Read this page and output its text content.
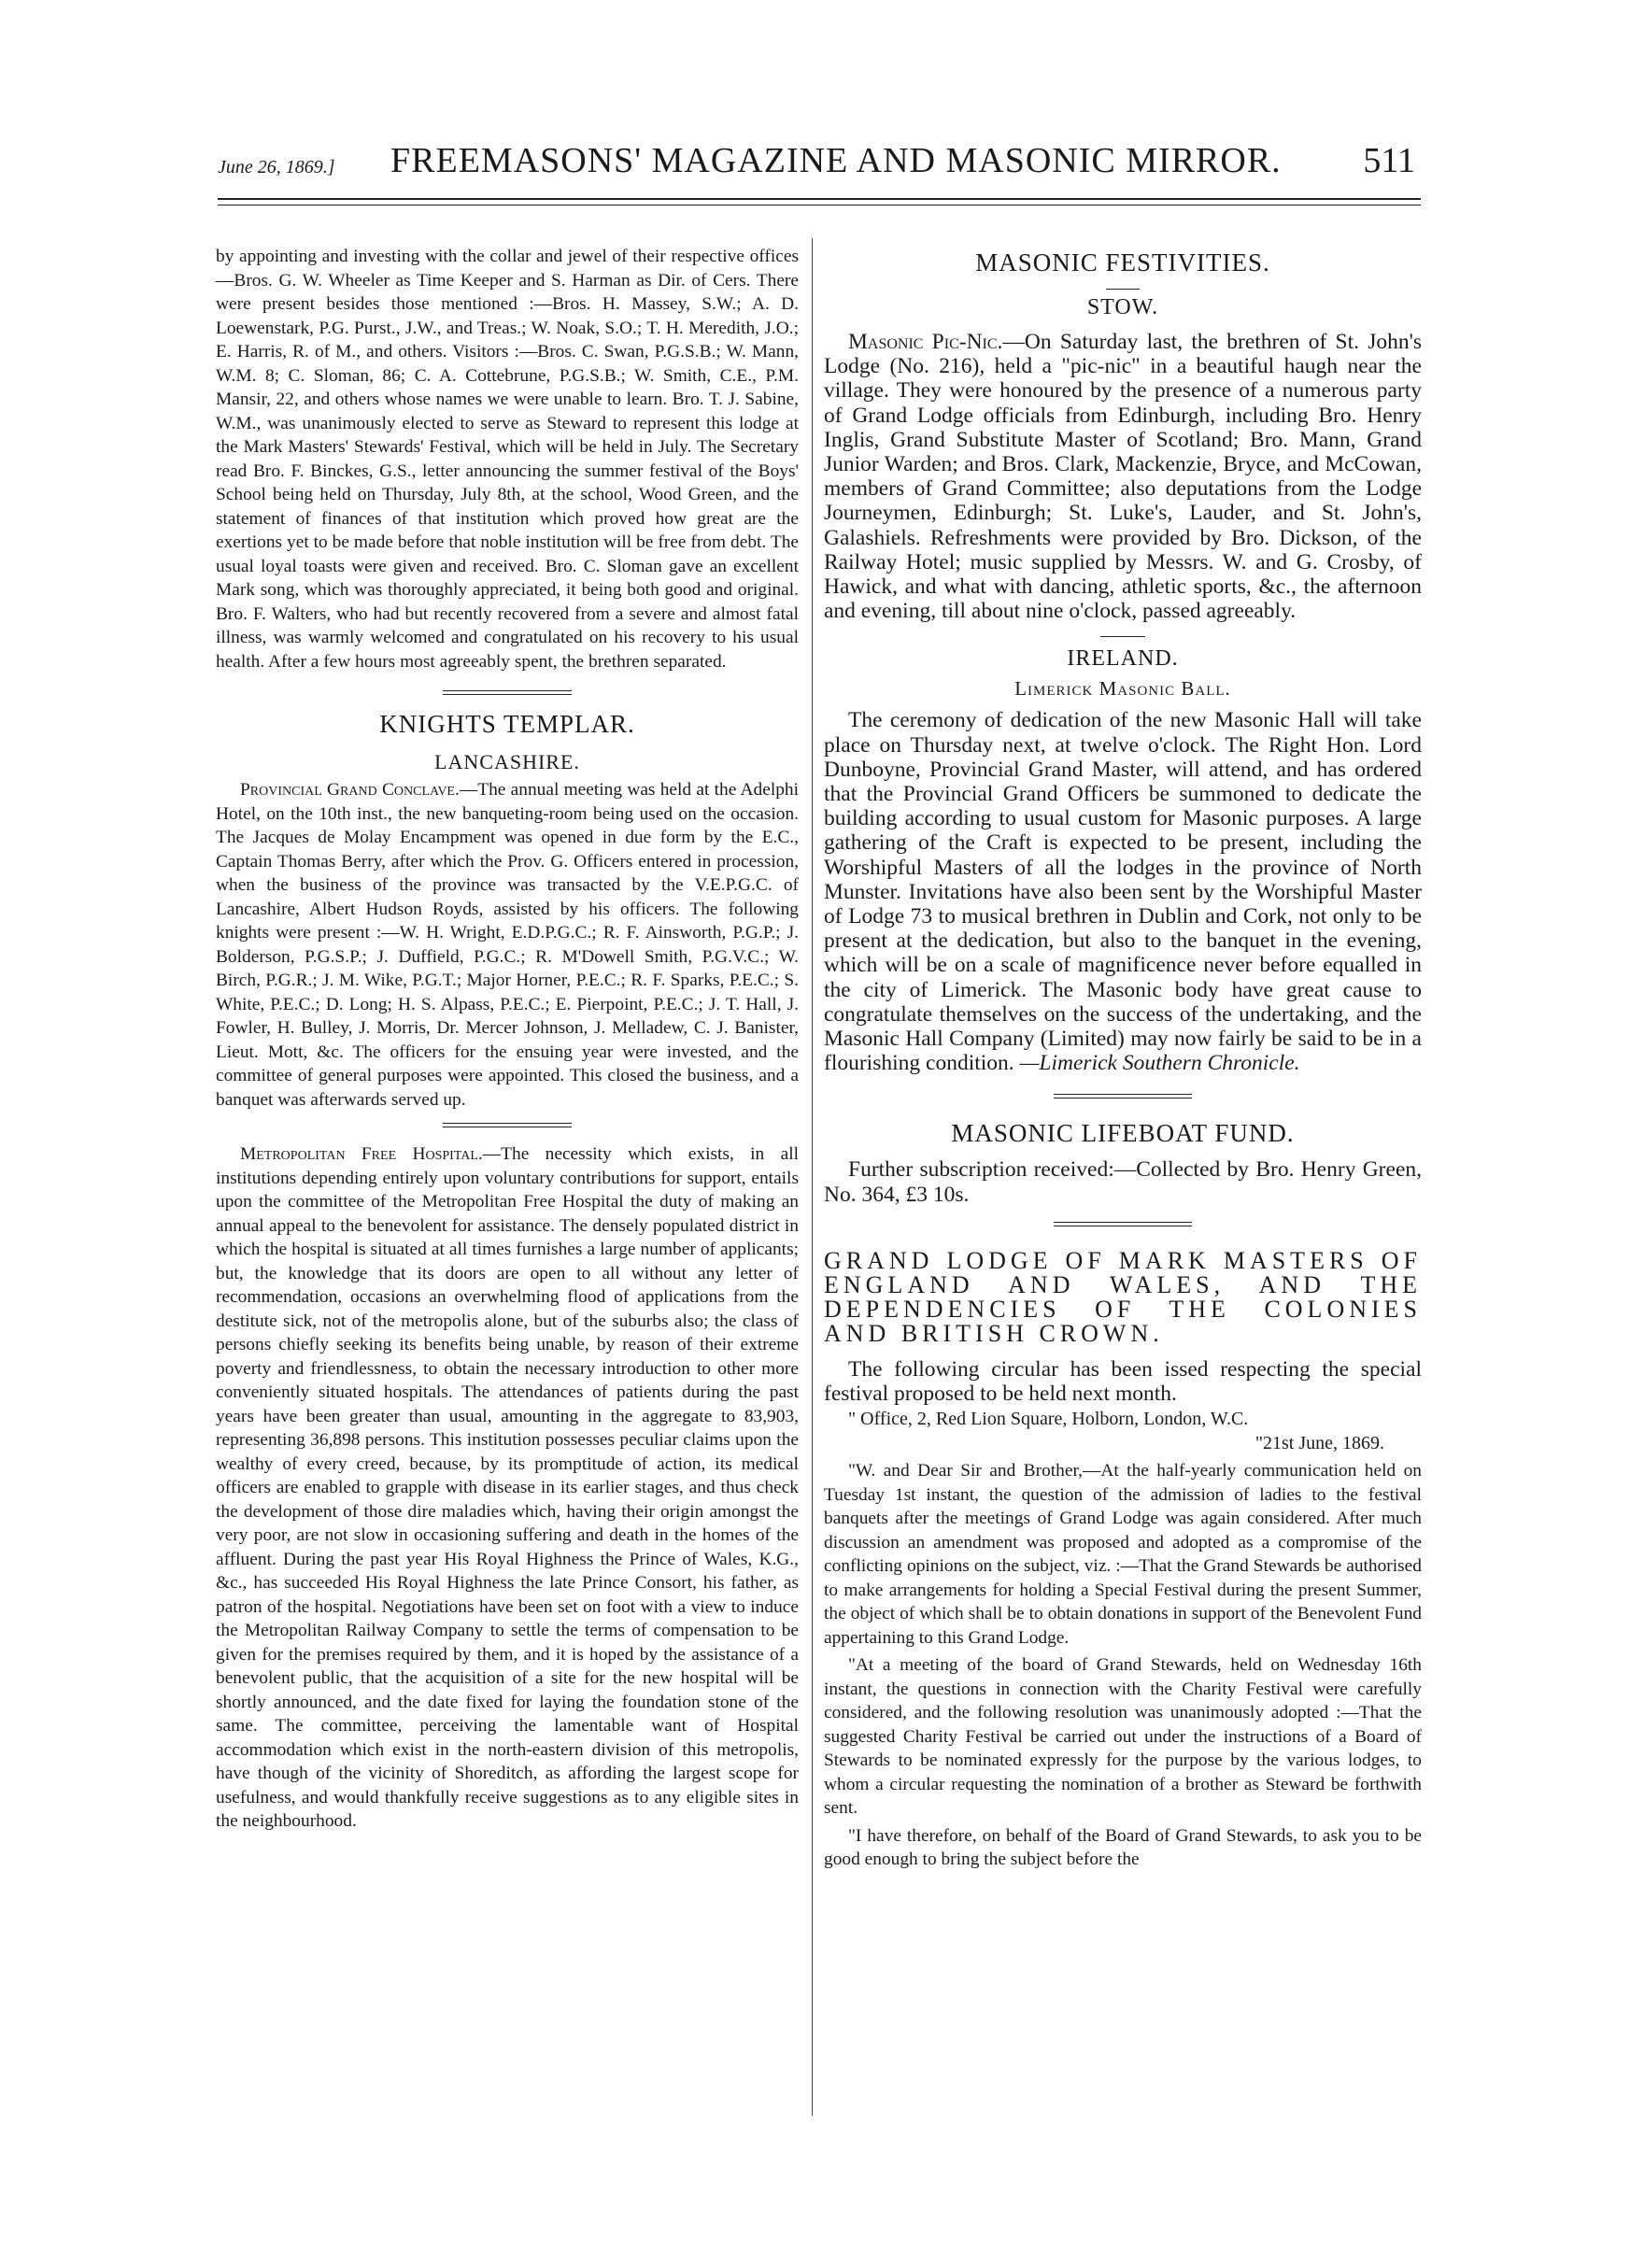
June 26, 1869.] FREEMASONS' MAGAZINE AND MASONIC MIRROR. 511

by appointing and investing with the collar and jewel of their respective offices—Bros. G. W. Wheeler as Time Keeper and S. Harman as Dir. of Cers. There were present besides those mentioned :—Bros. H. Massey, S.W.; A. D. Loewenstark, P.G. Purst., J.W., and Treas.; W. Noak, S.O.; T. H. Meredith, J.O.; E. Harris, R. of M., and others. Visitors :—Bros. C. Swan, P.G.S.B.; W. Mann, W.M. 8; C. Sloman, 86; C. A. Cottebrune, P.G.S.B.; W. Smith, C.E., P.M. Mansir, 22, and others whose names we were unable to learn. Bro. T. J. Sabine, W.M., was unanimously elected to serve as Steward to represent this lodge at the Mark Masters' Stewards' Festival, which will be held in July. The Secretary read Bro. F. Binckes, G.S., letter announcing the summer festival of the Boys' School being held on Thursday, July 8th, at the school, Wood Green, and the statement of finances of that institution which proved how great are the exertions yet to be made before that noble institution will be free from debt. The usual loyal toasts were given and received. Bro. C. Sloman gave an excellent Mark song, which was thoroughly appreciated, it being both good and original. Bro. F. Walters, who had but recently recovered from a severe and almost fatal illness, was warmly welcomed and congratulated on his recovery to his usual health. After a few hours most agreeably spent, the brethren separated.

KNIGHTS TEMPLAR.
LANCASHIRE.

Provincial Grand Conclave.—The annual meeting was held at the Adelphi Hotel, on the 10th inst., the new banqueting-room being used on the occasion. The Jacques de Molay Encampment was opened in due form by the E.C., Captain Thomas Berry, after which the Prov. G. Officers entered in procession, when the business of the province was transacted by the V.E.P.G.C. of Lancashire, Albert Hudson Royds, assisted by his officers. The following knights were present :—W. H. Wright, E.D.P.G.C.; R. F. Ainsworth, P.G.P.; J. Bolderson, P.G.S.P.; J. Duffield, P.G.C.; R. M'Dowell Smith, P.G.V.C.; W. Birch, P.G.R.; J. M. Wike, P.G.T.; Major Horner, P.E.C.; R. F. Sparks, P.E.C.; S. White, P.E.C.; D. Long; H. S. Alpass, P.E.C.; E. Pierpoint, P.E.C.; J. T. Hall, J. Fowler, H. Bulley, J. Morris, Dr. Mercer Johnson, J. Melladew, C. J. Banister, Lieut. Mott, &c. The officers for the ensuing year were invested, and the committee of general purposes were appointed. This closed the business, and a banquet was afterwards served up.

Metropolitan Free Hospital.—The necessity which exists, in all institutions depending entirely upon voluntary contributions for support, entails upon the committee of the Metropolitan Free Hospital the duty of making an annual appeal to the benevolent for assistance. The densely populated district in which the hospital is situated at all times furnishes a large number of applicants; but, the knowledge that its doors are open to all without any letter of recommendation, occasions an overwhelming flood of applications from the destitute sick, not of the metropolis alone, but of the suburbs also; the class of persons chiefly seeking its benefits being unable, by reason of their extreme poverty and friendlessness, to obtain the necessary introduction to other more conveniently situated hospitals. The attendances of patients during the past years have been greater than usual, amounting in the aggregate to 83,903, representing 36,898 persons. This institution possesses peculiar claims upon the wealthy of every creed, because, by its promptitude of action, its medical officers are enabled to grapple with disease in its earlier stages, and thus check the development of those dire maladies which, having their origin amongst the very poor, are not slow in occasioning suffering and death in the homes of the affluent. During the past year His Royal Highness the Prince of Wales, K.G., &c., has succeeded His Royal Highness the late Prince Consort, his father, as patron of the hospital. Negotiations have been set on foot with a view to induce the Metropolitan Railway Company to settle the terms of compensation to be given for the premises required by them, and it is hoped by the assistance of a benevolent public, that the acquisition of a site for the new hospital will be shortly announced, and the date fixed for laying the foundation stone of the same. The committee, perceiving the lamentable want of Hospital accommodation which exist in the north-eastern division of this metropolis, have though of the vicinity of Shoreditch, as affording the largest scope for usefulness, and would thankfully receive suggestions as to any eligible sites in the neighbourhood.

MASONIC FESTIVITIES.
STOW.

Masonic Pic-Nic.—On Saturday last, the brethren of St. John's Lodge (No. 216), held a "pic-nic" in a beautiful haugh near the village. They were honoured by the presence of a numerous party of Grand Lodge officials from Edinburgh, including Bro. Henry Inglis, Grand Substitute Master of Scotland; Bro. Mann, Grand Junior Warden; and Bros. Clark, Mackenzie, Bryce, and McCowan, members of Grand Committee; also deputations from the Lodge Journeymen, Edinburgh; St. Luke's, Lauder, and St. John's, Galashiels. Refreshments were provided by Bro. Dickson, of the Railway Hotel; music supplied by Messrs. W. and G. Crosby, of Hawick, and what with dancing, athletic sports, &c., the afternoon and evening, till about nine o'clock, passed agreeably.

IRELAND.
Limerick Masonic Ball.

The ceremony of dedication of the new Masonic Hall will take place on Thursday next, at twelve o'clock. The Right Hon. Lord Dunboyne, Provincial Grand Master, will attend, and has ordered that the Provincial Grand Officers be summoned to dedicate the building according to usual custom for Masonic purposes. A large gathering of the Craft is expected to be present, including the Worshipful Masters of all the lodges in the province of North Munster. Invitations have also been sent by the Worshipful Master of Lodge 73 to musical brethren in Dublin and Cork, not only to be present at the dedication, but also to the banquet in the evening, which will be on a scale of magnificence never before equalled in the city of Limerick. The Masonic body have great cause to congratulate themselves on the success of the undertaking, and the Masonic Hall Company (Limited) may now fairly be said to be in a flourishing condition. —Limerick Southern Chronicle.

MASONIC LIFEBOAT FUND.

Further subscription received:—Collected by Bro. Henry Green, No. 364, £3 10s.

GRAND LODGE OF MARK MASTERS OF ENGLAND AND WALES, AND THE DEPENDENCIES OF THE COLONIES AND BRITISH CROWN.

The following circular has been issed respecting the special festival proposed to be held next month.

" Office, 2, Red Lion Square, Holborn, London, W.C.

"21st June, 1869.

"W. and Dear Sir and Brother,—At the half-yearly communication held on Tuesday 1st instant, the question of the admission of ladies to the festival banquets after the meetings of Grand Lodge was again considered. After much discussion an amendment was proposed and adopted as a compromise of the conflicting opinions on the subject, viz. :—That the Grand Stewards be authorised to make arrangements for holding a Special Festival during the present Summer, the object of which shall be to obtain donations in support of the Benevolent Fund appertaining to this Grand Lodge.

"At a meeting of the board of Grand Stewards, held on Wednesday 16th instant, the questions in connection with the Charity Festival were carefully considered, and the following resolution was unanimously adopted :—That the suggested Charity Festival be carried out under the instructions of a Board of Stewards to be nominated expressly for the purpose by the various lodges, to whom a circular requesting the nomination of a brother as Steward be forthwith sent.

"I have therefore, on behalf of the Board of Grand Stewards, to ask you to be good enough to bring the subject before the
